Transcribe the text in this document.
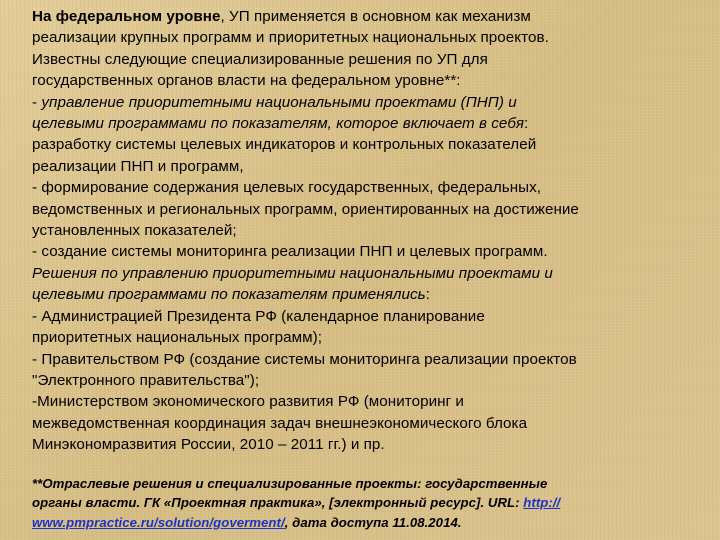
На федеральном уровне, УП применяется в основном как механизм
реализации крупных программ и приоритетных национальных проектов.
Известны следующие специализированные решения по УП для
государственных органов власти на федеральном уровне**:

- управление приоритетными национальными проектами (ПНП) и
целевыми программами по показателям, которое включает в себя:
разработку системы целевых индикаторов и контрольных показателей
реализации ПНП и программ,

- формирование содержания целевых государственных, федеральных,
ведомственных и региональных программ, ориентированных на достижение
установленных показателей;

- создание системы мониторинга реализации ПНП и целевых программ.

Решения по управлению приоритетными национальными проектами и
целевыми программами по показателям применялись:

- Администрацией Президента РФ (календарное планирование
приоритетных национальных программ);

- Правительством РФ (создание системы мониторинга реализации проектов
"Электронного правительства");

-Министерством экономического развития РФ (мониторинг и
межведомственная координация задач внешнеэкономического блока
Минэкономразвития России, 2010 – 2011 гг.) и пр.

**Отраслевые решения и специализированные проекты: государственные
органы власти. ГК «Проектная практика», [электронный ресурс]. URL: http://
www.pmpractice.ru/solution/goverment/, дата доступа 11.08.2014.
